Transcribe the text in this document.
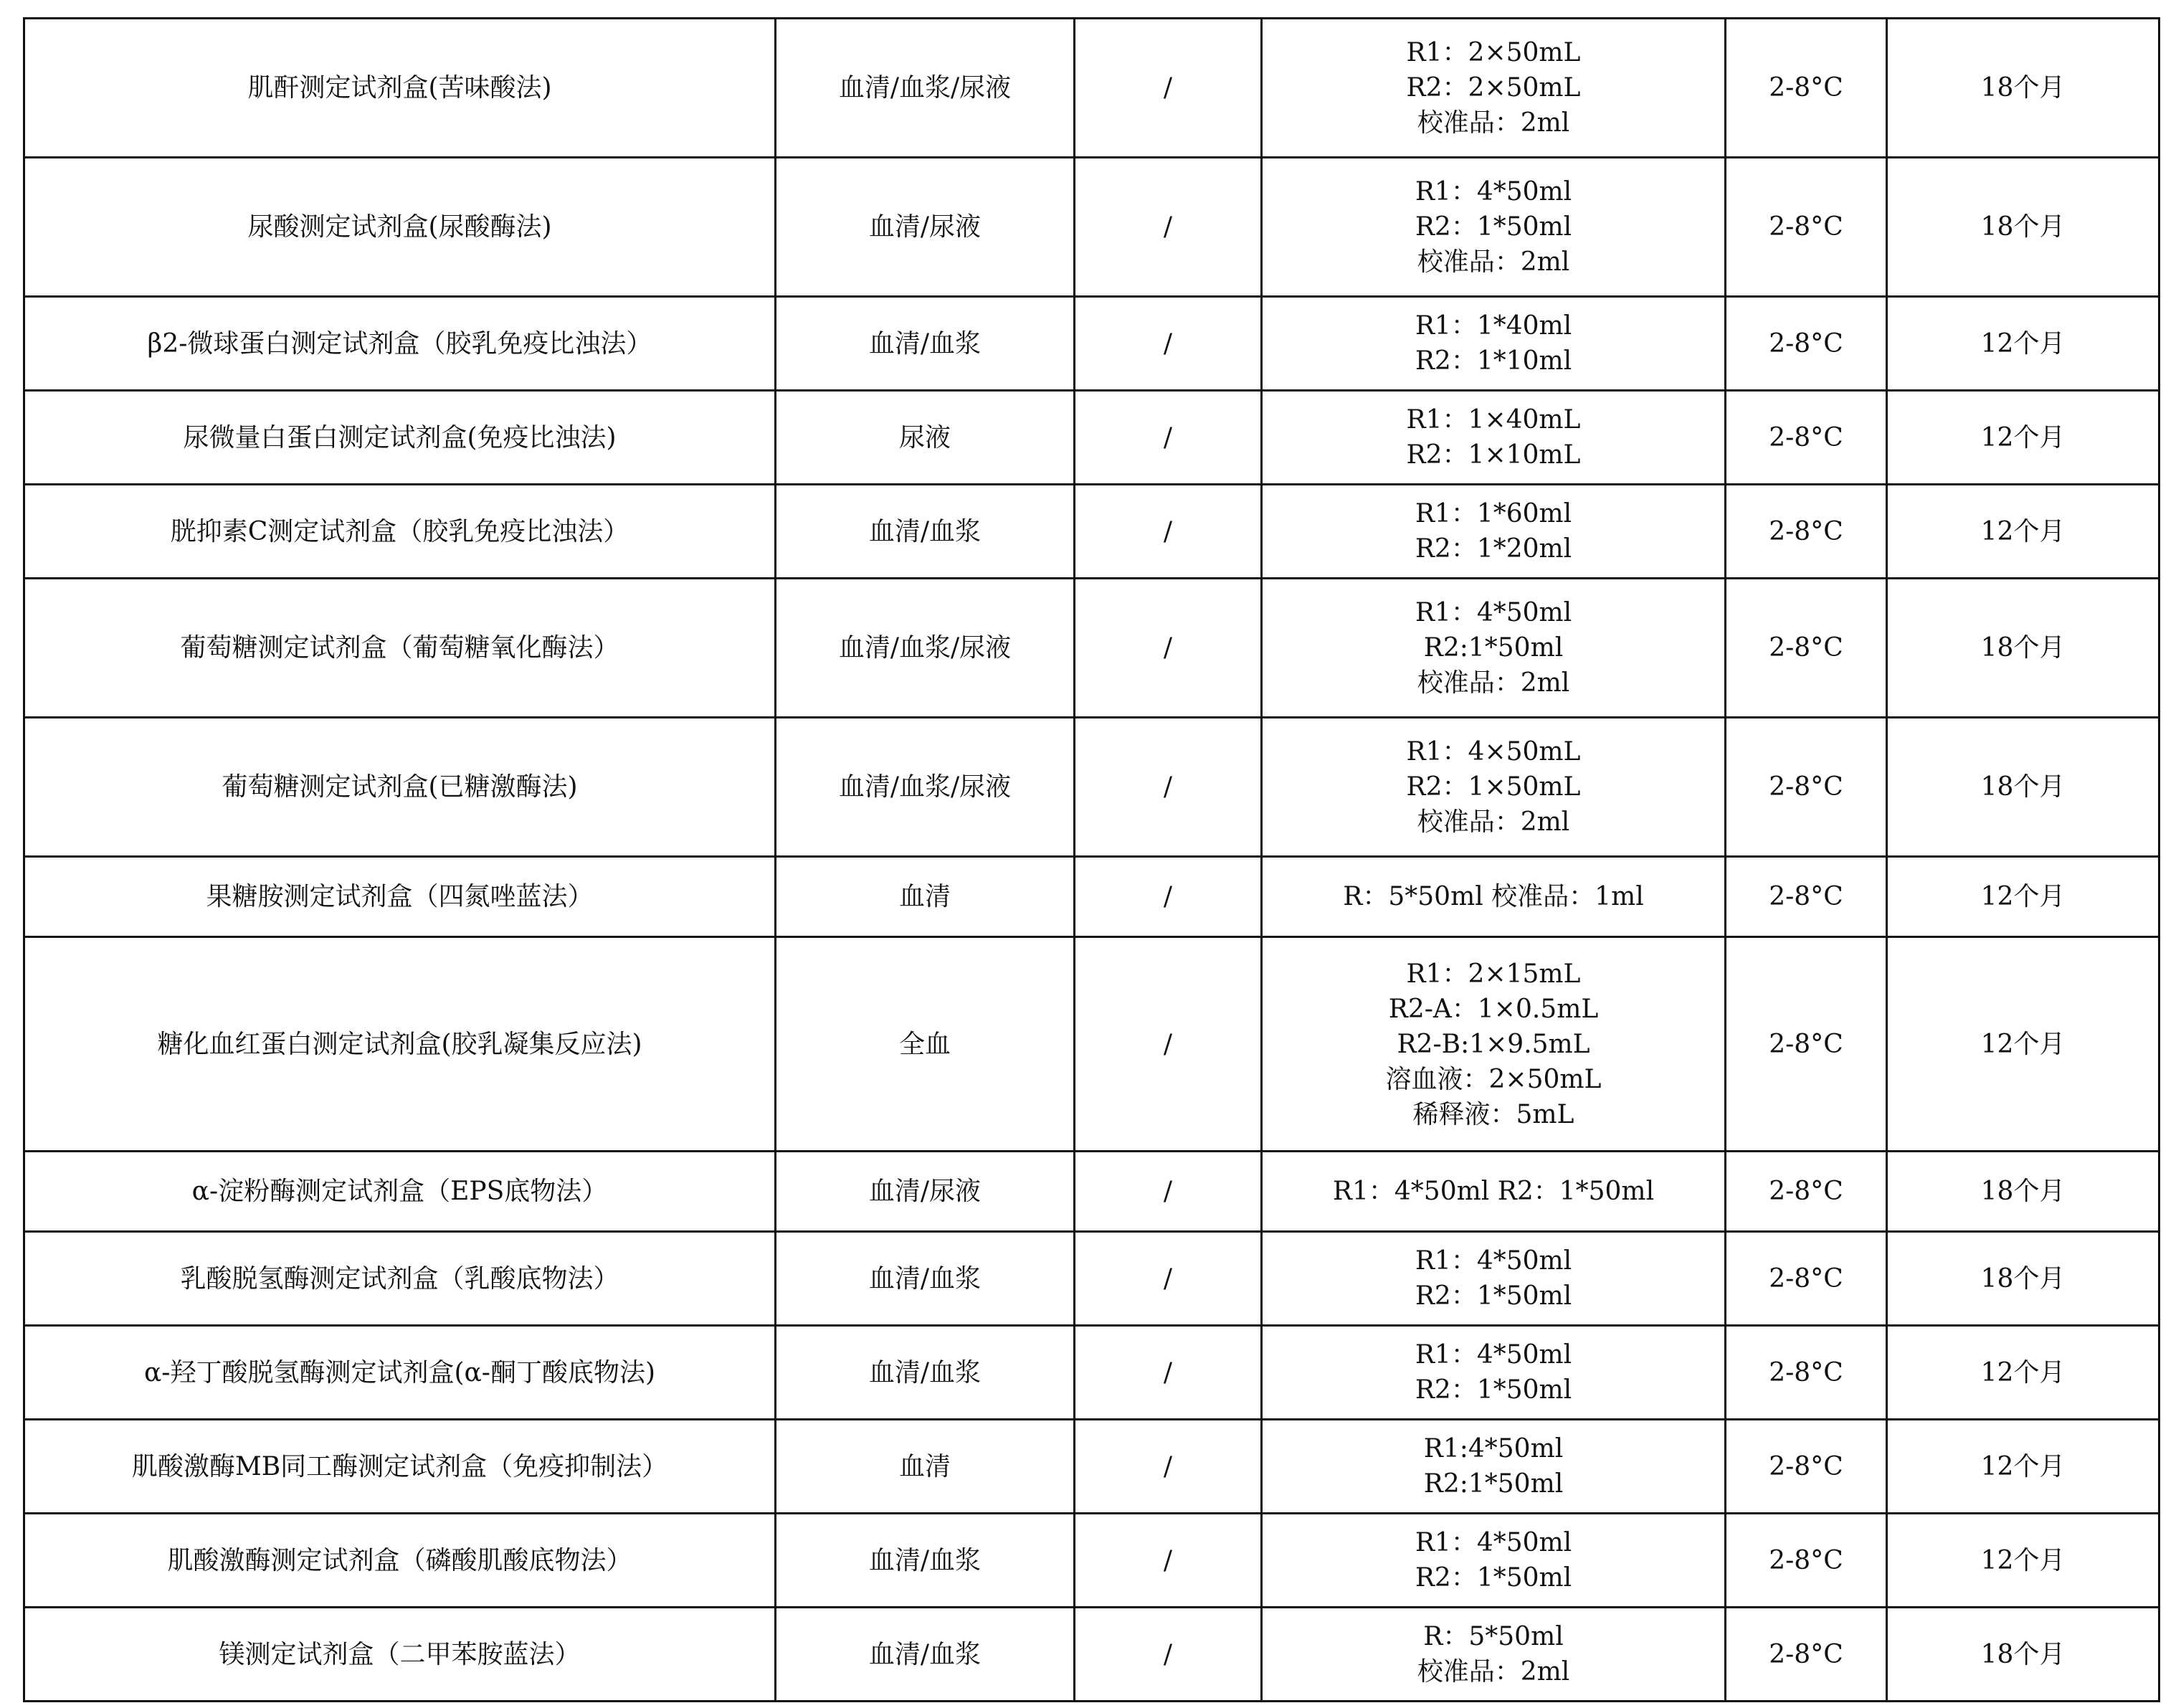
肌酐测定试剂盒(苦味酸法)	血清/血浆/尿液	/	R1：2×50mL
R2：2×50mL
校准品：2ml	2-8°C	18个月
尿酸测定试剂盒(尿酸酶法)	血清/尿液	/	R1：4*50ml
R2：1*50ml
校准品：2ml	2-8°C	18个月
β2-微球蛋白测定试剂盒（胶乳免疫比浊法）	血清/血浆	/	R1：1*40ml
R2：1*10ml	2-8°C	12个月
尿微量白蛋白测定试剂盒(免疫比浊法)	尿液	/	R1：1×40mL
R2：1×10mL	2-8°C	12个月
胱抑素C测定试剂盒（胶乳免疫比浊法）	血清/血浆	/	R1：1*60ml
R2：1*20ml	2-8°C	12个月
葡萄糖测定试剂盒（葡萄糖氧化酶法）	血清/血浆/尿液	/	R1：4*50ml
R2:1*50ml
校准品：2ml	2-8°C	18个月
葡萄糖测定试剂盒(已糖激酶法)	血清/血浆/尿液	/	R1：4×50mL
R2：1×50mL
校准品：2ml	2-8°C	18个月
果糖胺测定试剂盒（四氮唑蓝法）	血清	/	R：5*50ml 校准品：1ml	2-8°C	12个月
糖化血红蛋白测定试剂盒(胶乳凝集反应法)	全血	/	R1：2×15mL
R2-A：1×0.5mL
R2-B:1×9.5mL
溶血液：2×50mL
稀释液：5mL	2-8°C	12个月
α-淀粉酶测定试剂盒（EPS底物法）	血清/尿液	/	R1：4*50ml R2：1*50ml	2-8°C	18个月
乳酸脱氢酶测定试剂盒（乳酸底物法）	血清/血浆	/	R1：4*50ml
R2：1*50ml	2-8°C	18个月
α-羟丁酸脱氢酶测定试剂盒(α-酮丁酸底物法)	血清/血浆	/	R1：4*50ml
R2：1*50ml	2-8°C	12个月
肌酸激酶MB同工酶测定试剂盒（免疫抑制法）	血清	/	R1:4*50ml
R2:1*50ml	2-8°C	12个月
肌酸激酶测定试剂盒（磷酸肌酸底物法）	血清/血浆	/	R1：4*50ml
R2：1*50ml	2-8°C	12个月
镁测定试剂盒（二甲苯胺蓝法）	血清/血浆	/	R：5*50ml
校准品：2ml	2-8°C	18个月
